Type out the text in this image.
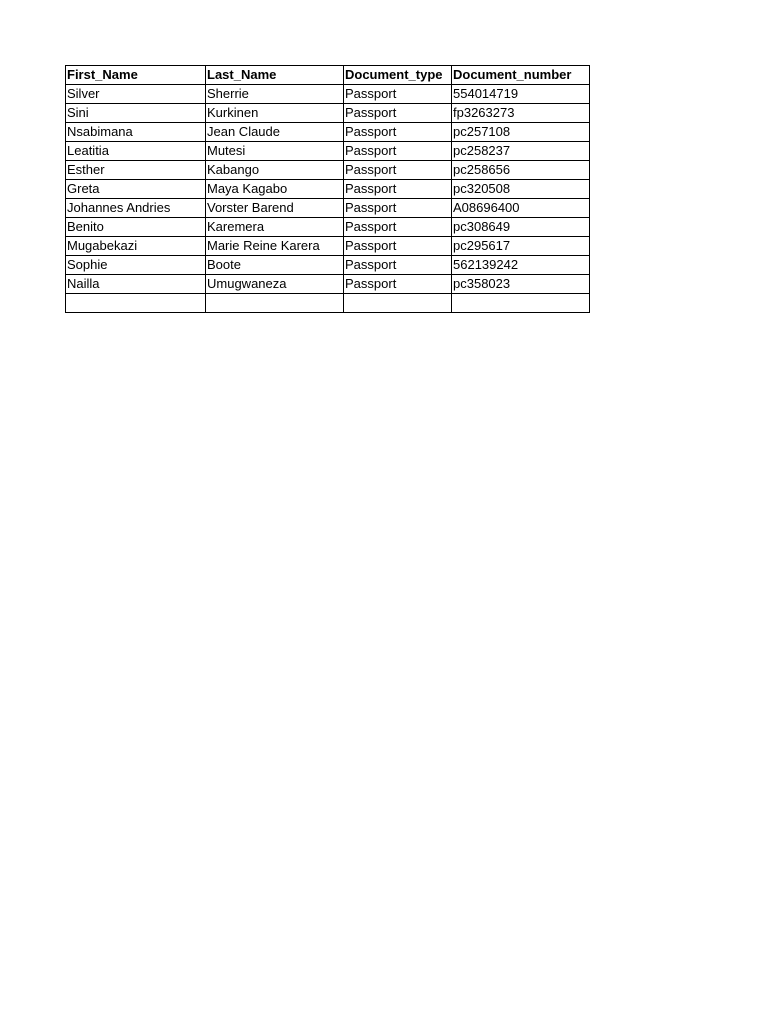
First_Name	Last_Name	Document_type	Document_number
Silver	Sherrie	Passport	554014719
Sini	Kurkinen	Passport	fp3263273
Nsabimana	Jean Claude	Passport	pc257108
Leatitia	Mutesi	Passport	pc258237
Esther	Kabango	Passport	pc258656
Greta	Maya Kagabo	Passport	pc320508
Johannes Andries	Vorster Barend	Passport	A08696400
Benito	Karemera	Passport	pc308649
Mugabekazi	Marie Reine Karera	Passport	pc295617
Sophie	Boote	Passport	562139242
Nailla	Umugwaneza	Passport	pc358023
